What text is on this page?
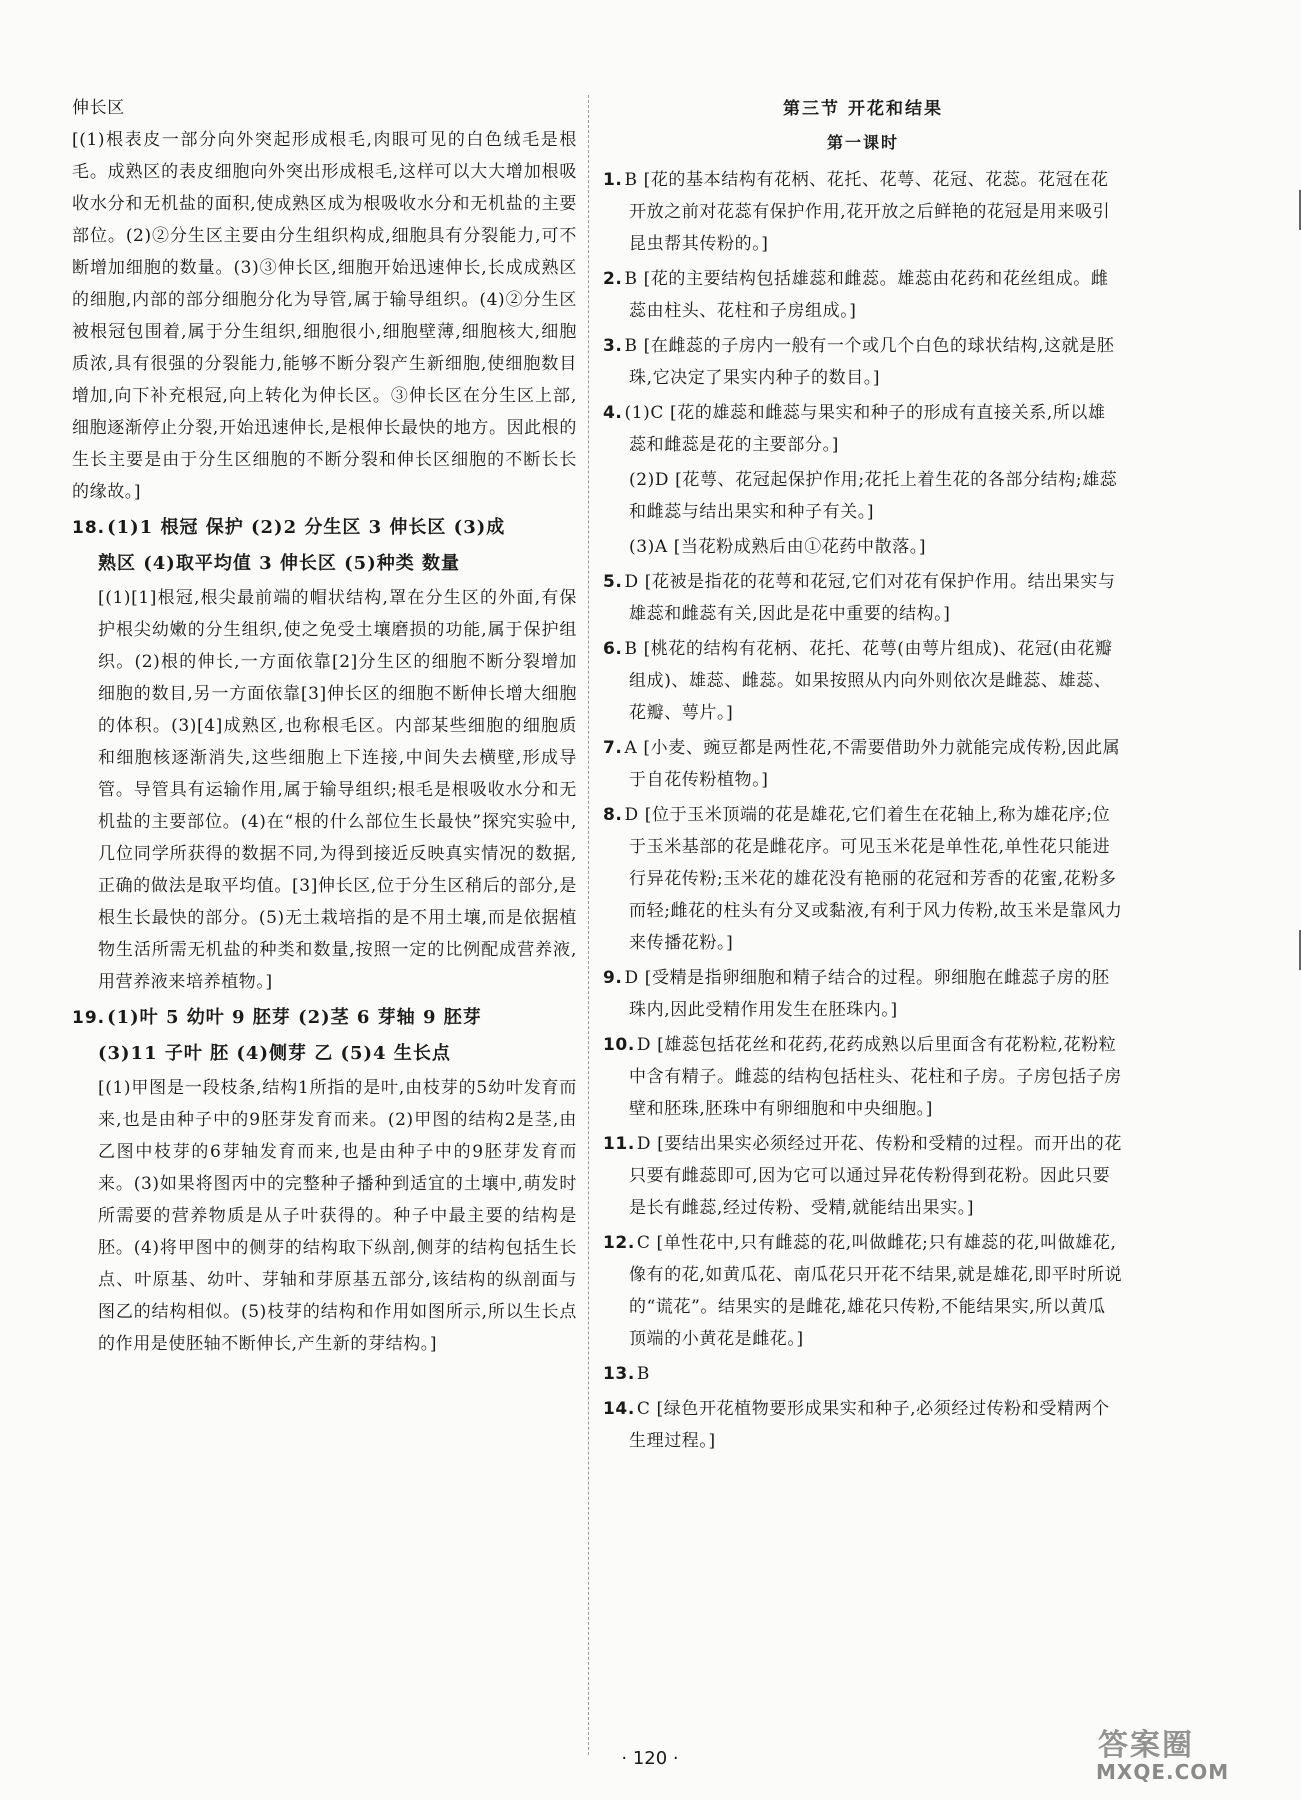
伸长区

[(1)根表皮一部分向外突起形成根毛,肉眼可见的白色绒毛是根毛。成熟区的表皮细胞向外突出形成根毛,这样可以大大增加根吸收水分和无机盐的面积,使成熟区成为根吸收水分和无机盐的主要部位。(2)②分生区主要由分生组织构成,细胞具有分裂能力,可不断增加细胞的数量。(3)③伸长区,细胞开始迅速伸长,长成成熟区的细胞,内部的部分细胞分化为导管,属于输导组织。(4)②分生区被根冠包围着,属于分生组织,细胞很小,细胞壁薄,细胞核大,细胞质浓,具有很强的分裂能力,能够不断分裂产生新细胞,使细胞数目增加,向下补充根冠,向上转化为伸长区。③伸长区在分生区上部,细胞逐渐停止分裂,开始迅速伸长,是根伸长最快的地方。因此根的生长主要是由于分生区细胞的不断分裂和伸长区细胞的不断长长的缘故。]

18. (1)1 根冠 保护 (2)2 分生区 3 伸长区 (3)成
熟区 (4)取平均值 3 伸长区 (5)种类 数量

[(1)[1]根冠,根尖最前端的帽状结构,罩在分生区的外面,有保护根尖幼嫩的分生组织,使之免受土壤磨损的功能,属于保护组织。(2)根的伸长,一方面依靠[2]分生区的细胞不断分裂增加细胞的数目,另一方面依靠[3]伸长区的细胞不断伸长增大细胞的体积。(3)[4]成熟区,也称根毛区。内部某些细胞的细胞质和细胞核逐渐消失,这些细胞上下连接,中间失去横壁,形成导管。导管具有运输作用,属于输导组织;根毛是根吸收水分和无机盐的主要部位。(4)在“根的什么部位生长最快”探究实验中,几位同学所获得的数据不同,为得到接近反映真实情况的数据,正确的做法是取平均值。[3]伸长区,位于分生区稍后的部分,是根生长最快的部分。(5)无土栽培指的是不用土壤,而是依据植物生活所需无机盐的种类和数量,按照一定的比例配成营养液,用营养液来培养植物。]

19. (1)叶 5 幼叶 9 胚芽 (2)茎 6 芽轴 9 胚芽
(3)11 子叶 胚 (4)侧芽 乙 (5)4 生长点

[(1)甲图是一段枝条,结构1所指的是叶,由枝芽的5幼叶发育而来,也是由种子中的9胚芽发育而来。(2)甲图的结构2是茎,由乙图中枝芽的6芽轴发育而来,也是由种子中的9胚芽发育而来。(3)如果将图丙中的完整种子播种到适宜的土壤中,萌发时所需要的营养物质是从子叶获得的。种子中最主要的结构是胚。(4)将甲图中的侧芽的结构取下纵剖,侧芽的结构包括生长点、叶原基、幼叶、芽轴和芽原基五部分,该结构的纵剖面与图乙的结构相似。(5)枝芽的结构和作用如图所示,所以生长点的作用是使胚轴不断伸长,产生新的芽结构。]

第三节 开花和结果

第一课时

1. B [花的基本结构有花柄、花托、花萼、花冠、花蕊。花冠在花开放之前对花蕊有保护作用,花开放之后鲜艳的花冠是用来吸引昆虫帮其传粉的。]
2. B [花的主要结构包括雄蕊和雌蕊。雄蕊由花药和花丝组成。雌蕊由柱头、花柱和子房组成。]
3. B [在雌蕊的子房内一般有一个或几个白色的球状结构,这就是胚珠,它决定了果实内种子的数目。]
4. (1)C [花的雄蕊和雌蕊与果实和种子的形成有直接关系,所以雄蕊和雌蕊是花的主要部分。]
(2)D [花萼、花冠起保护作用;花托上着生花的各部分结构;雄蕊和雌蕊与结出果实和种子有关。]
(3)A [当花粉成熟后由①花药中散落。]
5. D [花被是指花的花萼和花冠,它们对花有保护作用。结出果实与雄蕊和雌蕊有关,因此是花中重要的结构。]
6. B [桃花的结构有花柄、花托、花萼(由萼片组成)、花冠(由花瓣组成)、雄蕊、雌蕊。如果按照从内向外则依次是雌蕊、雄蕊、花瓣、萼片。]
7. A [小麦、豌豆都是两性花,不需要借助外力就能完成传粉,因此属于自花传粉植物。]
8. D [位于玉米顶端的花是雄花,它们着生在花轴上,称为雄花序;位于玉米基部的花是雌花序。可见玉米花是单性花,单性花只能进行异花传粉;玉米花的雄花没有艳丽的花冠和芳香的花蜜,花粉多而轻;雌花的柱头有分叉或黏液,有利于风力传粉,故玉米是靠风力来传播花粉。]
9. D [受精是指卵细胞和精子结合的过程。卵细胞在雌蕊子房的胚珠内,因此受精作用发生在胚珠内。]
10. D [雄蕊包括花丝和花药,花药成熟以后里面含有花粉粒,花粉粒中含有精子。雌蕊的结构包括柱头、花柱和子房。子房包括子房壁和胚珠,胚珠中有卵细胞和中央细胞。]
11. D [要结出果实必须经过开花、传粉和受精的过程。而开出的花只要有雌蕊即可,因为它可以通过异花传粉得到花粉。因此只要是长有雌蕊,经过传粉、受精,就能结出果实。]
12. C [单性花中,只有雌蕊的花,叫做雌花;只有雄蕊的花,叫做雄花,像有的花,如黄瓜花、南瓜花只开花不结果,就是雄花,即平时所说的“谎花”。结果实的是雌花,雄花只传粉,不能结果实,所以黄瓜顶端的小黄花是雌花。]
13. B
14. C [绿色开花植物要形成果实和种子,必须经过传粉和受精两个生理过程。]
· 120 ·	答案圈
MXQE.COM
